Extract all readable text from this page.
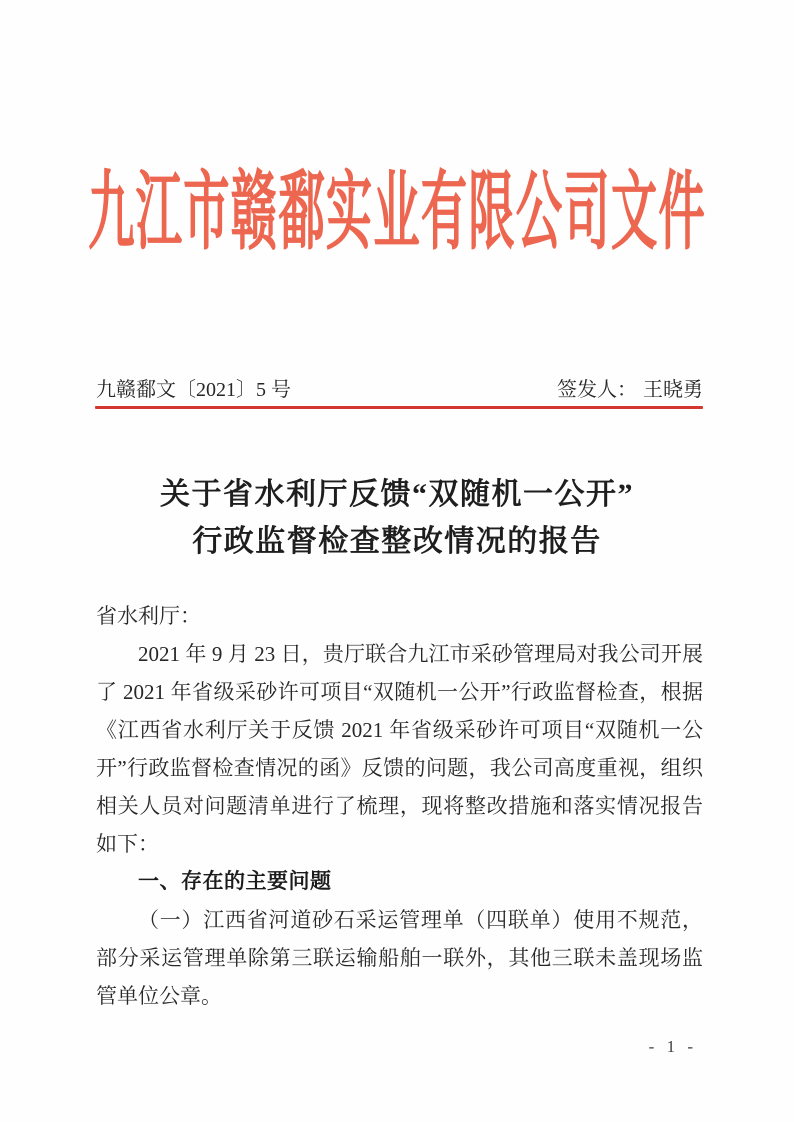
九江市赣鄱实业有限公司文件
九赣鄱文〔2021〕5 号	签发人： 王晓勇
关于省水利厅反馈“双随机一公开”
行政监督检查整改情况的报告

省水利厅：

2021 年 9 月 23 日，贵厅联合九江市采砂管理局对我公司开展了 2021 年省级采砂许可项目“双随机一公开”行政监督检查，根据《江西省水利厅关于反馈 2021 年省级采砂许可项目“双随机一公开”行政监督检查情况的函》反馈的问题，我公司高度重视，组织相关人员对问题清单进行了梳理，现将整改措施和落实情况报告如下：

一、存在的主要问题

（一）江西省河道砂石采运管理单（四联单）使用不规范，部分采运管理单除第三联运输船舶一联外，其他三联未盖现场监管单位公章。

- 1 -
